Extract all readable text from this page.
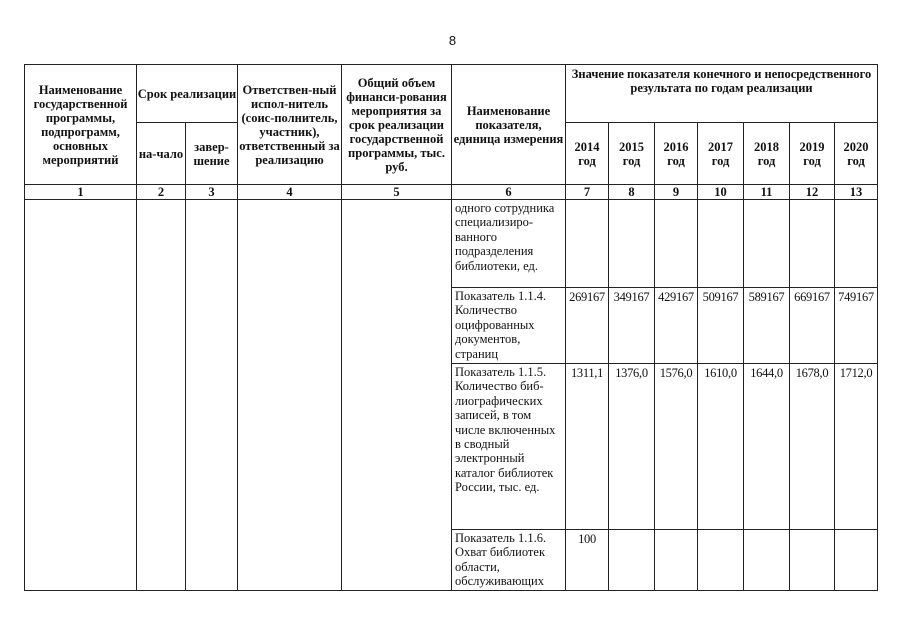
8
Наименование государственной программы, подпрограмм, основных мероприятий	Срок реализации		Ответствен-ный испол-нитель (соис-полнитель, участник), ответственный за реализацию	Общий объем финанси-рования мероприятия за срок реализации государственной программы, тыс. руб.	Наименование показателя, единица измерения	Значение показателя конечного и непосредственного результата по годам реализации						
	на-чало	завер-шение				2014 год	2015 год	2016 год	2017 год	2018 год	2019 год	2020 год
1	2	3	4	5	6	7	8	9	10	11	12	13
					одного сотрудника специализиро-ванного подразделения библиотеки, ед.							
					Показатель 1.1.4. Количество оцифрованных документов, страниц	269167	349167	429167	509167	589167	669167	749167
					Показатель 1.1.5. Количество биб-лиографических записей, в том числе включенных в сводный электронный каталог библиотек России, тыс. ед.	1311,1	1376,0	1576,0	1610,0	1644,0	1678,0	1712,0
					Показатель 1.1.6. Охват библиотек области, обслуживающих	100						
